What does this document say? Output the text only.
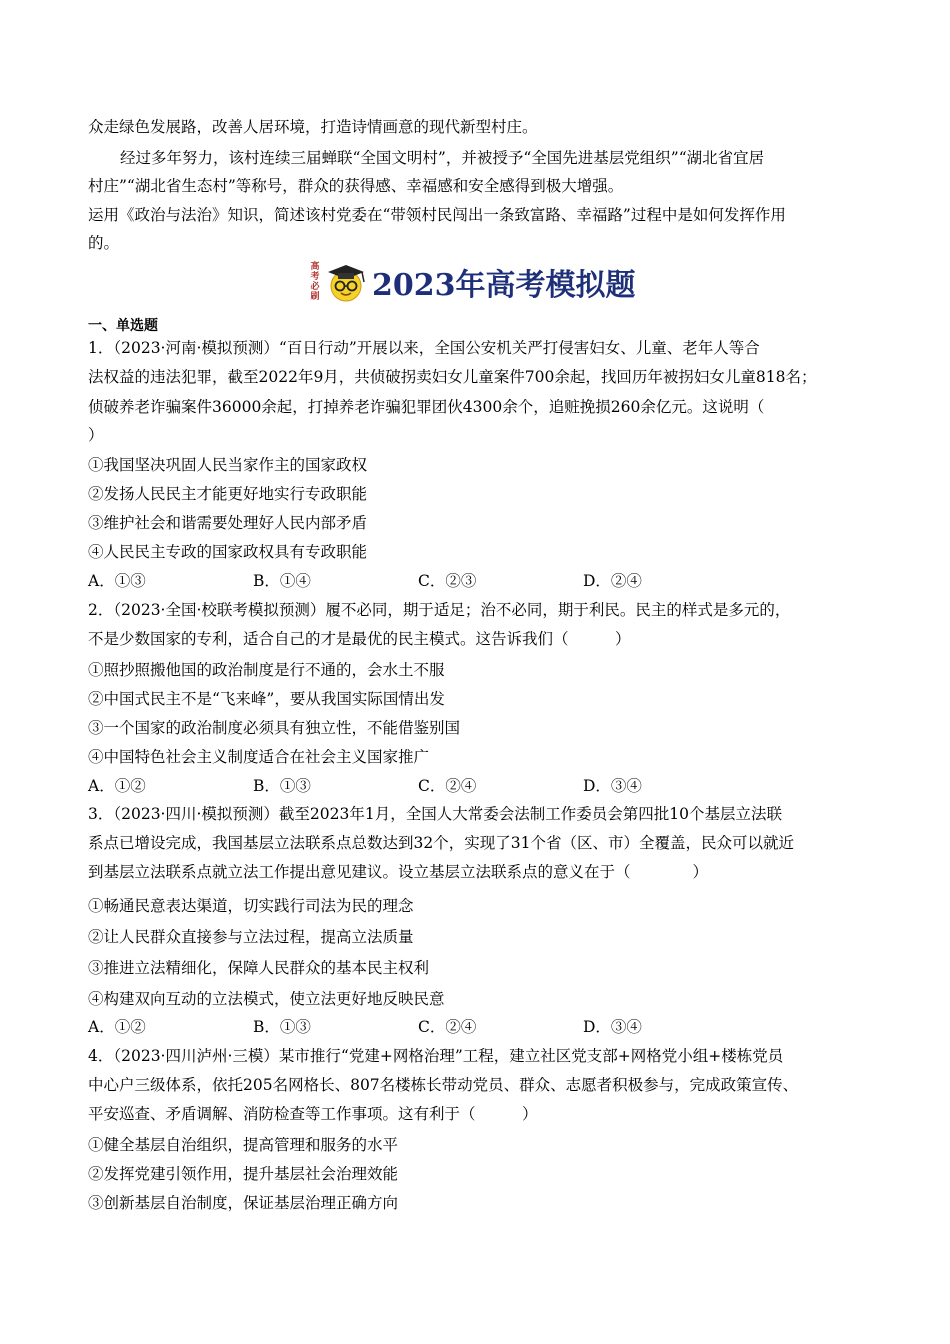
众走绿色发展路，改善人居环境，打造诗情画意的现代新型村庄。
经过多年努力，该村连续三届蝉联“全国文明村”，并被授予“全国先进基层党组织”“湖北省宜居
村庄”“湖北省生态村”等称号，群众的获得感、幸福感和安全感得到极大增强。
运用《政治与法治》知识，简述该村党委在“带领村民闯出一条致富路、幸福路”过程中是如何发挥作用
的。
高考必刷 2023年高考模拟题
一、单选题
1．（2023·河南·模拟预测）“百日行动”开展以来，全国公安机关严打侵害妇女、儿童、老年人等合
法权益的违法犯罪，截至2022年9月，共侦破拐卖妇女儿童案件700余起，找回历年被拐妇女儿童818名；
侦破养老诈骗案件36000余起，打掉养老诈骗犯罪团伙4300余个，追赃挽损260余亿元。这说明（
）
①我国坚决巩固人民当家作主的国家政权
②发扬人民民主才能更好地实行专政职能
③维护社会和谐需要处理好人民内部矛盾
④人民民主专政的国家政权具有专政职能
A．①③	B．①④	C．②③	D．②④
2．（2023·全国·校联考模拟预测）履不必同，期于适足；治不必同，期于利民。民主的样式是多元的，
不是少数国家的专利，适合自己的才是最优的民主模式。这告诉我们（　　　）
①照抄照搬他国的政治制度是行不通的，会水土不服
②中国式民主不是“飞来峰”，要从我国实际国情出发
③一个国家的政治制度必须具有独立性，不能借鉴别国
④中国特色社会主义制度适合在社会主义国家推广
A．①②	B．①③	C．②④	D．③④
3．（2023·四川·模拟预测）截至2023年1月，全国人大常委会法制工作委员会第四批10个基层立法联
系点已增设完成，我国基层立法联系点总数达到32个，实现了31个省（区、市）全覆盖，民众可以就近
到基层立法联系点就立法工作提出意见建议。设立基层立法联系点的意义在于（　　　　）
①畅通民意表达渠道，切实践行司法为民的理念
②让人民群众直接参与立法过程，提高立法质量
③推进立法精细化，保障人民群众的基本民主权利
④构建双向互动的立法模式，使立法更好地反映民意
A．①②	B．①③	C．②④	D．③④
4．（2023·四川泸州·三模）某市推行“党建+网格治理”工程，建立社区党支部+网格党小组+楼栋党员
中心户三级体系，依托205名网格长、807名楼栋长带动党员、群众、志愿者积极参与，完成政策宣传、
平安巡查、矛盾调解、消防检查等工作事项。这有利于（　　　）
①健全基层自治组织，提高管理和服务的水平
②发挥党建引领作用，提升基层社会治理效能
③创新基层自治制度，保证基层治理正确方向
